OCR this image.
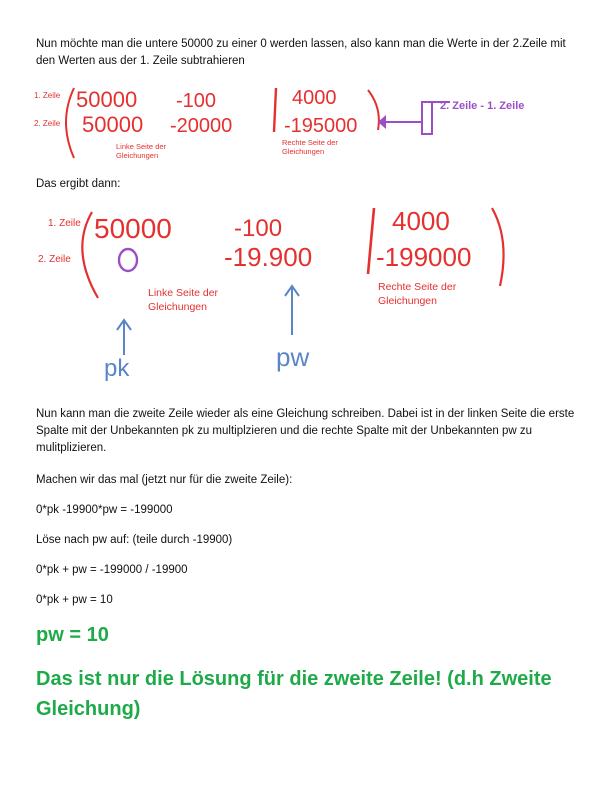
Nun möchte man die untere 50000 zu einer 0 werden lassen, also kann man die Werte in der 2.Zeile mit den Werten aus der 1. Zeile subtrahieren

1. Zeile
2. Zeile
50000
50000
-100
-20000
4000
-195000
Linke Seite der Gleichungen
Rechte Seite der Gleichungen
2. Zeile - 1. Zeile

Das ergibt dann:

1. Zeile
2. Zeile
50000	-100
-19.900
4000
-199000
pk	pw
Linke Seite der Gleichungen
Rechte Seite der Gleichungen

Nun kann man die zweite Zeile wieder als eine Gleichung schreiben. Dabei ist in der linken Seite die erste Spalte mit der Unbekannten pk zu multiplzieren und die rechte Spalte mit der Unbekannten pw zu mulitplizieren.

Machen wir das mal (jetzt nur für die zweite Zeile):

0*pk -19900*pw = -199000

Löse nach pw auf: (teile durch -19900)

0*pk + pw = -199000 / -19900

0*pk + pw = 10

pw = 10

Das ist nur die Lösung für die zweite Zeile! (d.h Zweite Gleichung)
